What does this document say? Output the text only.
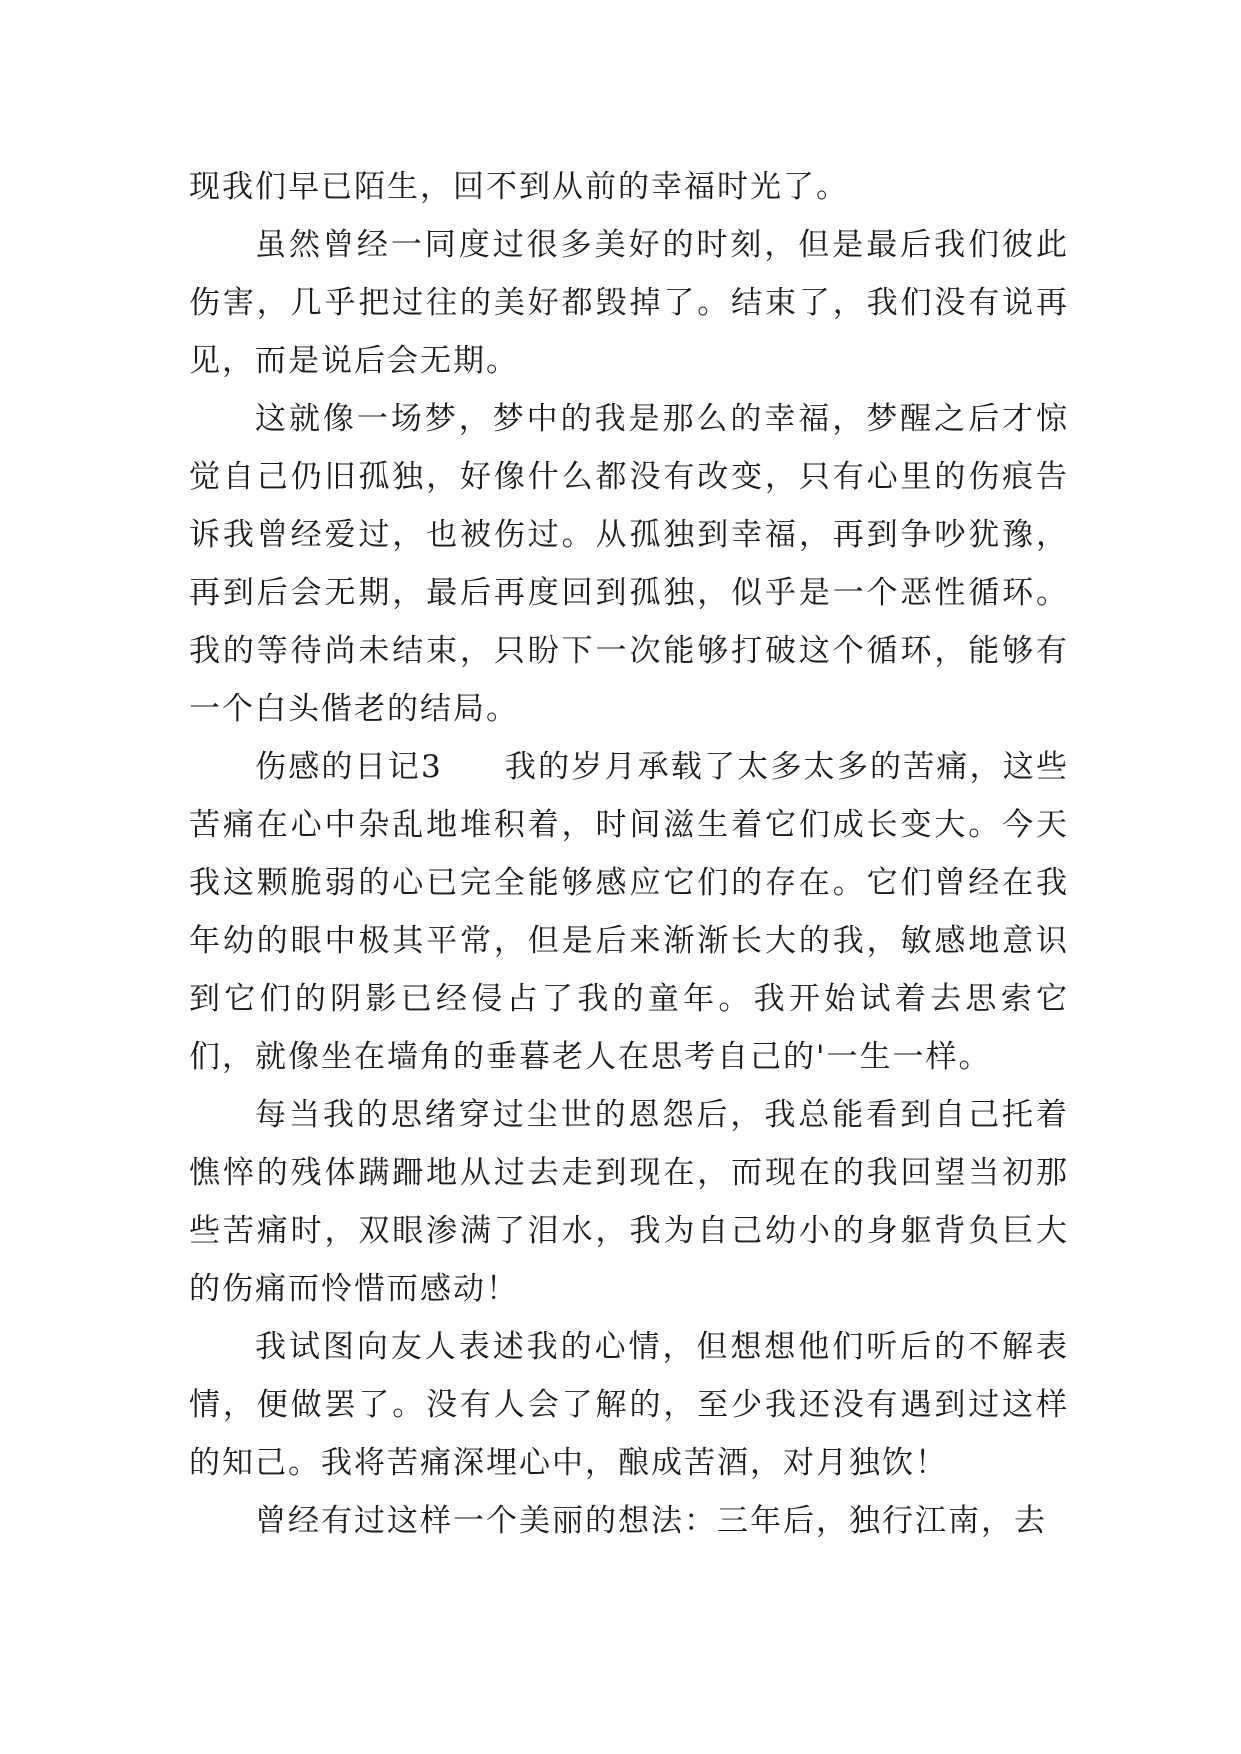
现我们早已陌生，回不到从前的幸福时光了。

虽然曾经一同度过很多美好的时刻，但是最后我们彼此伤害，几乎把过往的美好都毁掉了。结束了，我们没有说再见，而是说后会无期。

这就像一场梦，梦中的我是那么的幸福，梦醒之后才惊觉自己仍旧孤独，好像什么都没有改变，只有心里的伤痕告诉我曾经爱过，也被伤过。从孤独到幸福，再到争吵犹豫，再到后会无期，最后再度回到孤独，似乎是一个恶性循环。我的等待尚未结束，只盼下一次能够打破这个循环，能够有一个白头偕老的结局。

伤感的日记3 我的岁月承载了太多太多的苦痛，这些苦痛在心中杂乱地堆积着，时间滋生着它们成长变大。今天我这颗脆弱的心已完全能够感应它们的存在。它们曾经在我年幼的眼中极其平常，但是后来渐渐长大的我，敏感地意识到它们的阴影已经侵占了我的童年。我开始试着去思索它们，就像坐在墙角的垂暮老人在思考自己的'一生一样。

每当我的思绪穿过尘世的恩怨后，我总能看到自己托着憔悴的残体蹒跚地从过去走到现在，而现在的我回望当初那些苦痛时，双眼渗满了泪水，我为自己幼小的身躯背负巨大的伤痛而怜惜而感动！

我试图向友人表述我的心情，但想想他们听后的不解表情，便做罢了。没有人会了解的，至少我还没有遇到过这样的知己。我将苦痛深埋心中，酿成苦酒，对月独饮！

曾经有过这样一个美丽的想法：三年后，独行江南，去
